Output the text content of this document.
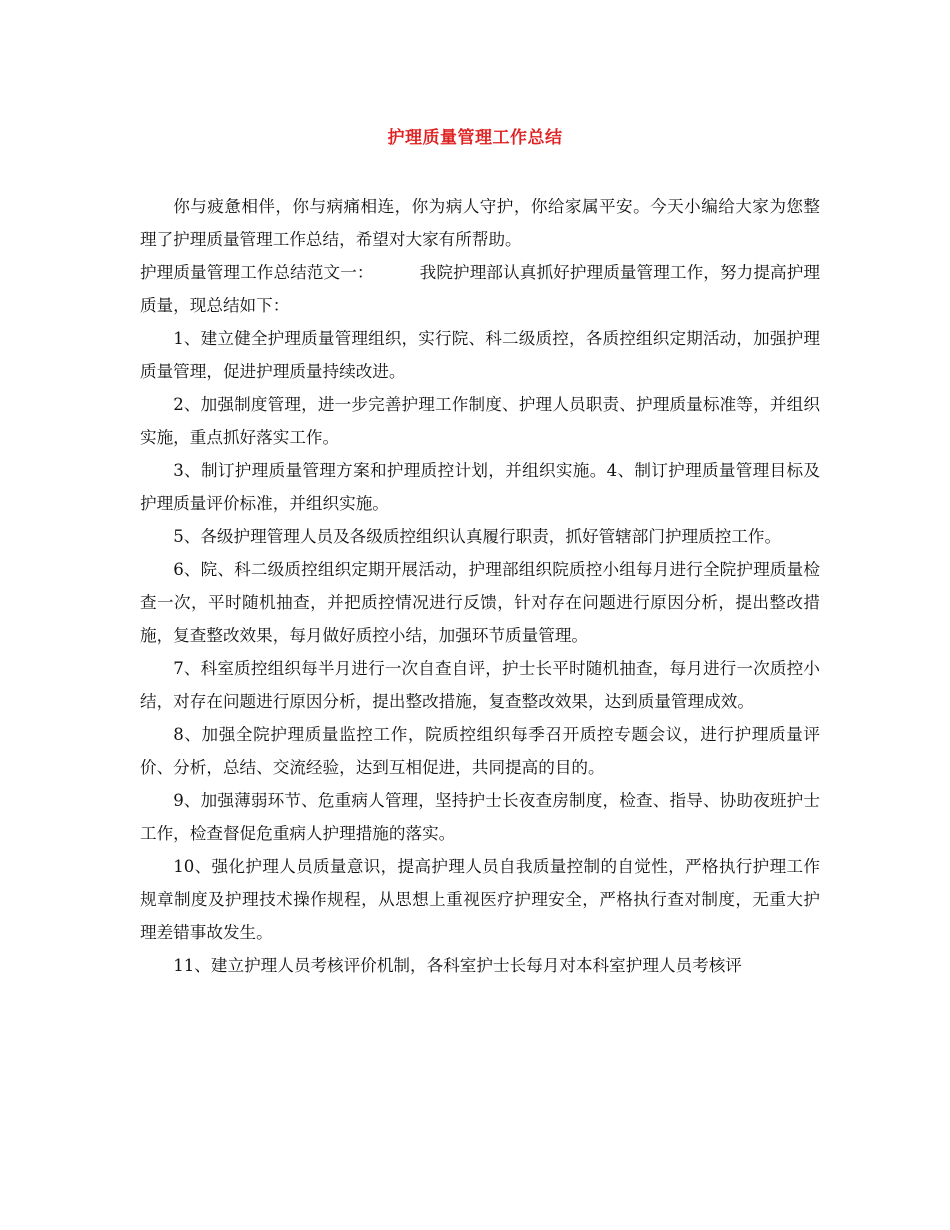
护理质量管理工作总结

你与疲惫相伴，你与病痛相连，你为病人守护，你给家属平安。今天小编给大家为您整理了护理质量管理工作总结，希望对大家有所帮助。

护理质量管理工作总结范文一：	我院护理部认真抓好护理质量管理工作，努力提高护理质量，现总结如下：

1、建立健全护理质量管理组织，实行院、科二级质控，各质控组织定期活动，加强护理质量管理，促进护理质量持续改进。

2、加强制度管理，进一步完善护理工作制度、护理人员职责、护理质量标准等，并组织实施，重点抓好落实工作。

3、制订护理质量管理方案和护理质控计划，并组织实施。4、制订护理质量管理目标及护理质量评价标准，并组织实施。

5、各级护理管理人员及各级质控组织认真履行职责，抓好管辖部门护理质控工作。

6、院、科二级质控组织定期开展活动，护理部组织院质控小组每月进行全院护理质量检查一次，平时随机抽查，并把质控情况进行反馈，针对存在问题进行原因分析，提出整改措施，复查整改效果，每月做好质控小结，加强环节质量管理。

7、科室质控组织每半月进行一次自查自评，护士长平时随机抽查，每月进行一次质控小结，对存在问题进行原因分析，提出整改措施，复查整改效果，达到质量管理成效。

8、加强全院护理质量监控工作，院质控组织每季召开质控专题会议，进行护理质量评价、分析，总结、交流经验，达到互相促进，共同提高的目的。

9、加强薄弱环节、危重病人管理，坚持护士长夜查房制度，检查、指导、协助夜班护士工作，检查督促危重病人护理措施的落实。

10、强化护理人员质量意识，提高护理人员自我质量控制的自觉性，严格执行护理工作规章制度及护理技术操作规程，从思想上重视医疗护理安全，严格执行查对制度，无重大护理差错事故发生。

11、建立护理人员考核评价机制，各科室护士长每月对本科室护理人员考核评
